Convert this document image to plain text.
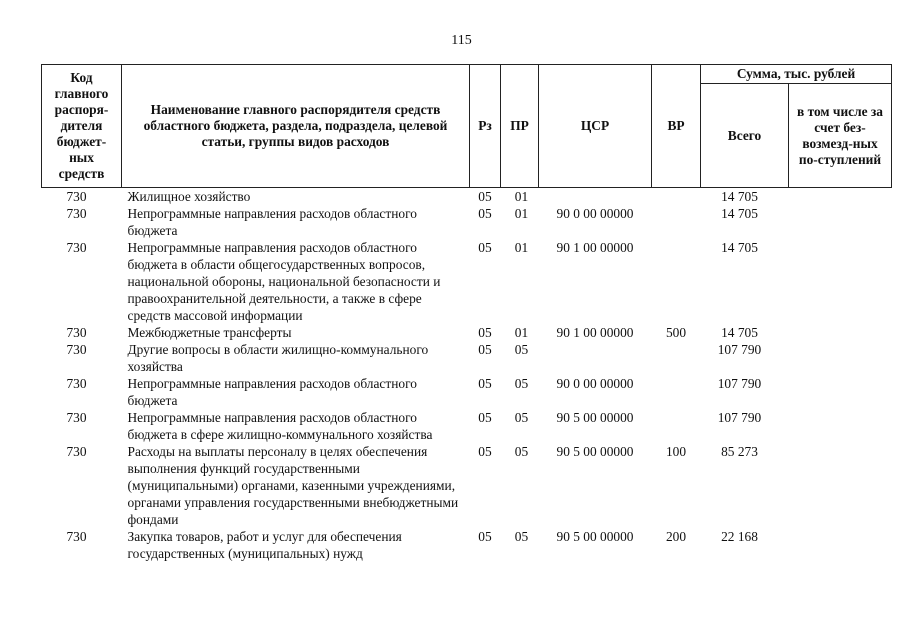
115
Код главного распоря-дителя бюджет-ных средств	Наименование главного распорядителя средств областного бюджета, раздела, подраздела, целевой статьи, группы видов расходов	Рз	ПР	ЦСР	ВР	Сумма, тыс. рублей	
						Всего	в том числе за счет без-возмезд-ных по-ступлений
730	Жилищное хозяйство	05	01			14 705	
730	Непрограммные направления расходов областного бюджета	05	01	90 0 00 00000		14 705	
730	Непрограммные направления расходов областного бюджета в области общегосударственных вопросов, национальной обороны, национальной безопасности и правоохранительной деятельности, а также в сфере средств массовой информации	05	01	90 1 00 00000		14 705	
730	Межбюджетные трансферты	05	01	90 1 00 00000	500	14 705	
730	Другие вопросы в области жилищно-коммунального хозяйства	05	05			107 790	
730	Непрограммные направления расходов областного бюджета	05	05	90 0 00 00000		107 790	
730	Непрограммные направления расходов областного бюджета в сфере жилищно-коммунального хозяйства	05	05	90 5 00 00000		107 790	
730	Расходы на выплаты персоналу в целях обеспечения выполнения функций государственными (муниципальными) органами, казенными учреждениями, органами управления государственными внебюджетными фондами	05	05	90 5 00 00000	100	85 273	
730	Закупка товаров, работ и услуг для обеспечения государственных (муниципальных) нужд	05	05	90 5 00 00000	200	22 168	
